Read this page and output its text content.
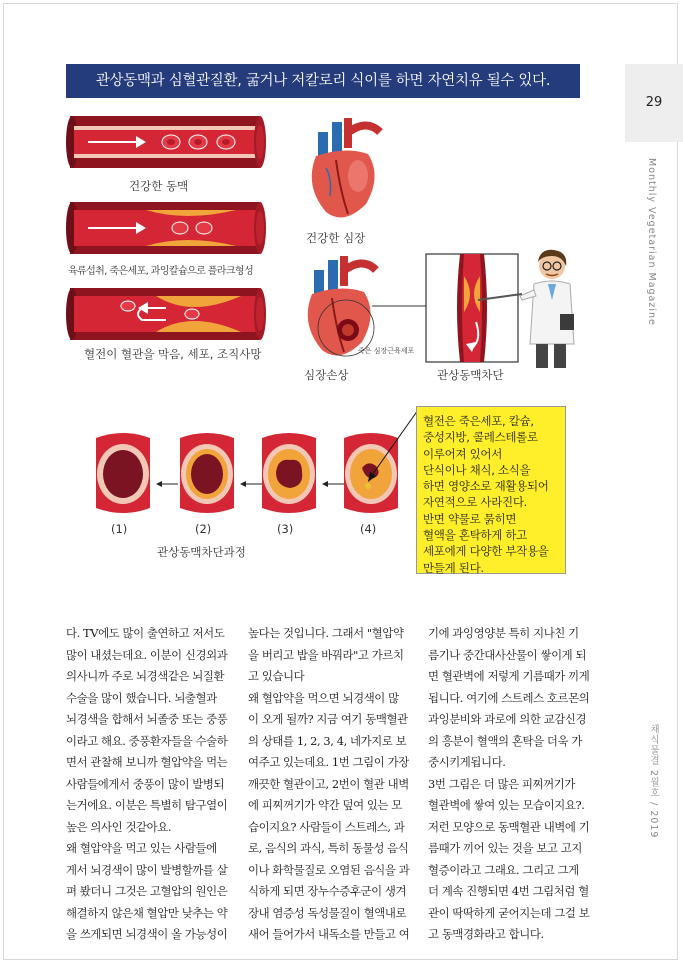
관상동맥과 심혈관질환, 굶거나 저칼로리 식이를 하면 자연치유 될수 있다.
29
Monthly Vegetarian Magazine
채식물결 2월호 / 2019
건강한 동맥
육류섭취, 죽은세포, 과잉칼슘으로 플라크형성
혈전이 혈관을 막음, 세포, 조직사망
건강한 심장
죽은 심장근육세포
심장손상	관상동맥차단
(1)	(2)	(3)	(4)
관상동맥차단과정
혈전은 죽은세포, 칼슘,
중성지방, 콜레스테롤로
이루어져 있어서
단식이나 채식, 소식을
하면 영양소로 재활용되어
자연적으로 사라진다.
반면 약물로 묽히면
혈액을 혼탁하게 하고
세포에게 다양한 부작용을
만들게 된다.
다. TV에도 많이 출연하고 저서도
많이 내셨는데요. 이분이 신경외과
의사니까 주로 뇌경색같은 뇌질환
수술을 많이 했습니다. 뇌출혈과
뇌경색을 합해서 뇌졸중 또는 중풍
이라고 해요. 중풍환자들을 수술하
면서 관찰해 보니까 혈압약을 먹는
사람들에게서 중풍이 많이 발병되
는거에요. 이분은 특별히 탐구열이
높은 의사인 것같아요.
왜 혈압약을 먹고 있는 사람들에
게서 뇌경색이 많이 발병할까를 살
펴 봤더니 그것은 고혈압의 원인은
해결하지 않은채 혈압만 낮추는 약
을 쓰게되면 뇌경색이 올 가능성이
높다는 것입니다. 그래서 "혈압약
을 버리고 밥을 바꿔라"고 가르치
고 있습니다
왜 혈압약을 먹으면 뇌경색이 많
이 오게 될까? 지금 여기 동맥혈관
의 상태를 1, 2, 3, 4, 네가지로 보
여주고 있는데요. 1번 그림이 가장
깨끗한 혈관이고, 2번이 혈관 내벽
에 피찌꺼기가 약간 덮여 있는 모
습이지요? 사람들이 스트레스, 과
로, 음식의 과식, 특히 동물성 음식
이나 화학물질로 오염된 음식을 과
식하게 되면 장누수증후군이 생겨
장내 염증성 독성물질이 혈액내로
새어 들어가서 내독소를 만들고 여
기에 과잉영양분 특히 지나친 기
름기나 중간대사산물이 쌓이게 되
면 혈관벽에 저렇게 기름때가 끼게
됩니다. 여기에 스트레스 호르몬의
과잉분비와 과로에 의한 교감신경
의 흥분이 혈액의 혼탁을 더욱 가
중시키게됩니다.
3번 그림은 더 많은 피찌꺼기가
혈관벽에 쌓여 있는 모습이지요?.
저런 모양으로 동맥혈관 내벽에 기
름때가 끼어 있는 것을 보고 고지
혈증이라고 그래요. 그리고 그게
더 계속 진행되면 4번 그림처럼 혈
관이 딱딱하게 굳어지는데 그걸 보
고 동맥경화라고 합니다.
